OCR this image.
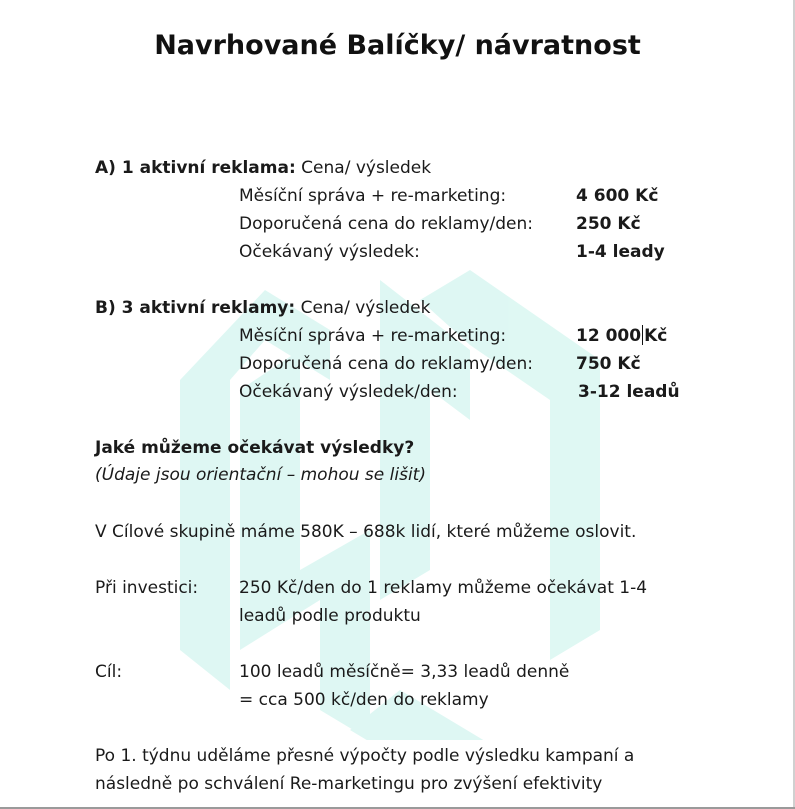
Navrhované Balíčky/ návratnost
A) 1 aktivní reklama: Cena/ výsledek
Měsíční správa + re-marketing:	4 600 Kč
Doporučená cena do reklamy/den:	250 Kč
Očekávaný výsledek:	1-4 leady
B) 3 aktivní reklamy: Cena/ výsledek
Měsíční správa + re-marketing:	12 000 Kč
Doporučená cena do reklamy/den:	750 Kč
Očekávaný výsledek/den:	3-12 leadů
Jaké můžeme očekávat výsledky?
(Údaje jsou orientační – mohou se lišit)
V Cílové skupině máme 580K – 688k lidí, které můžeme oslovit.
Při investici: 250 Kč/den do 1 reklamy můžeme očekávat 1-4
leadů podle produktu
Cíl:	100 leadů měsíčně= 3,33 leadů denně
= cca 500 kč/den do reklamy
Po 1. týdnu uděláme přesné výpočty podle výsledku kampaní a
následně po schválení Re-marketingu pro zvýšení efektivity
